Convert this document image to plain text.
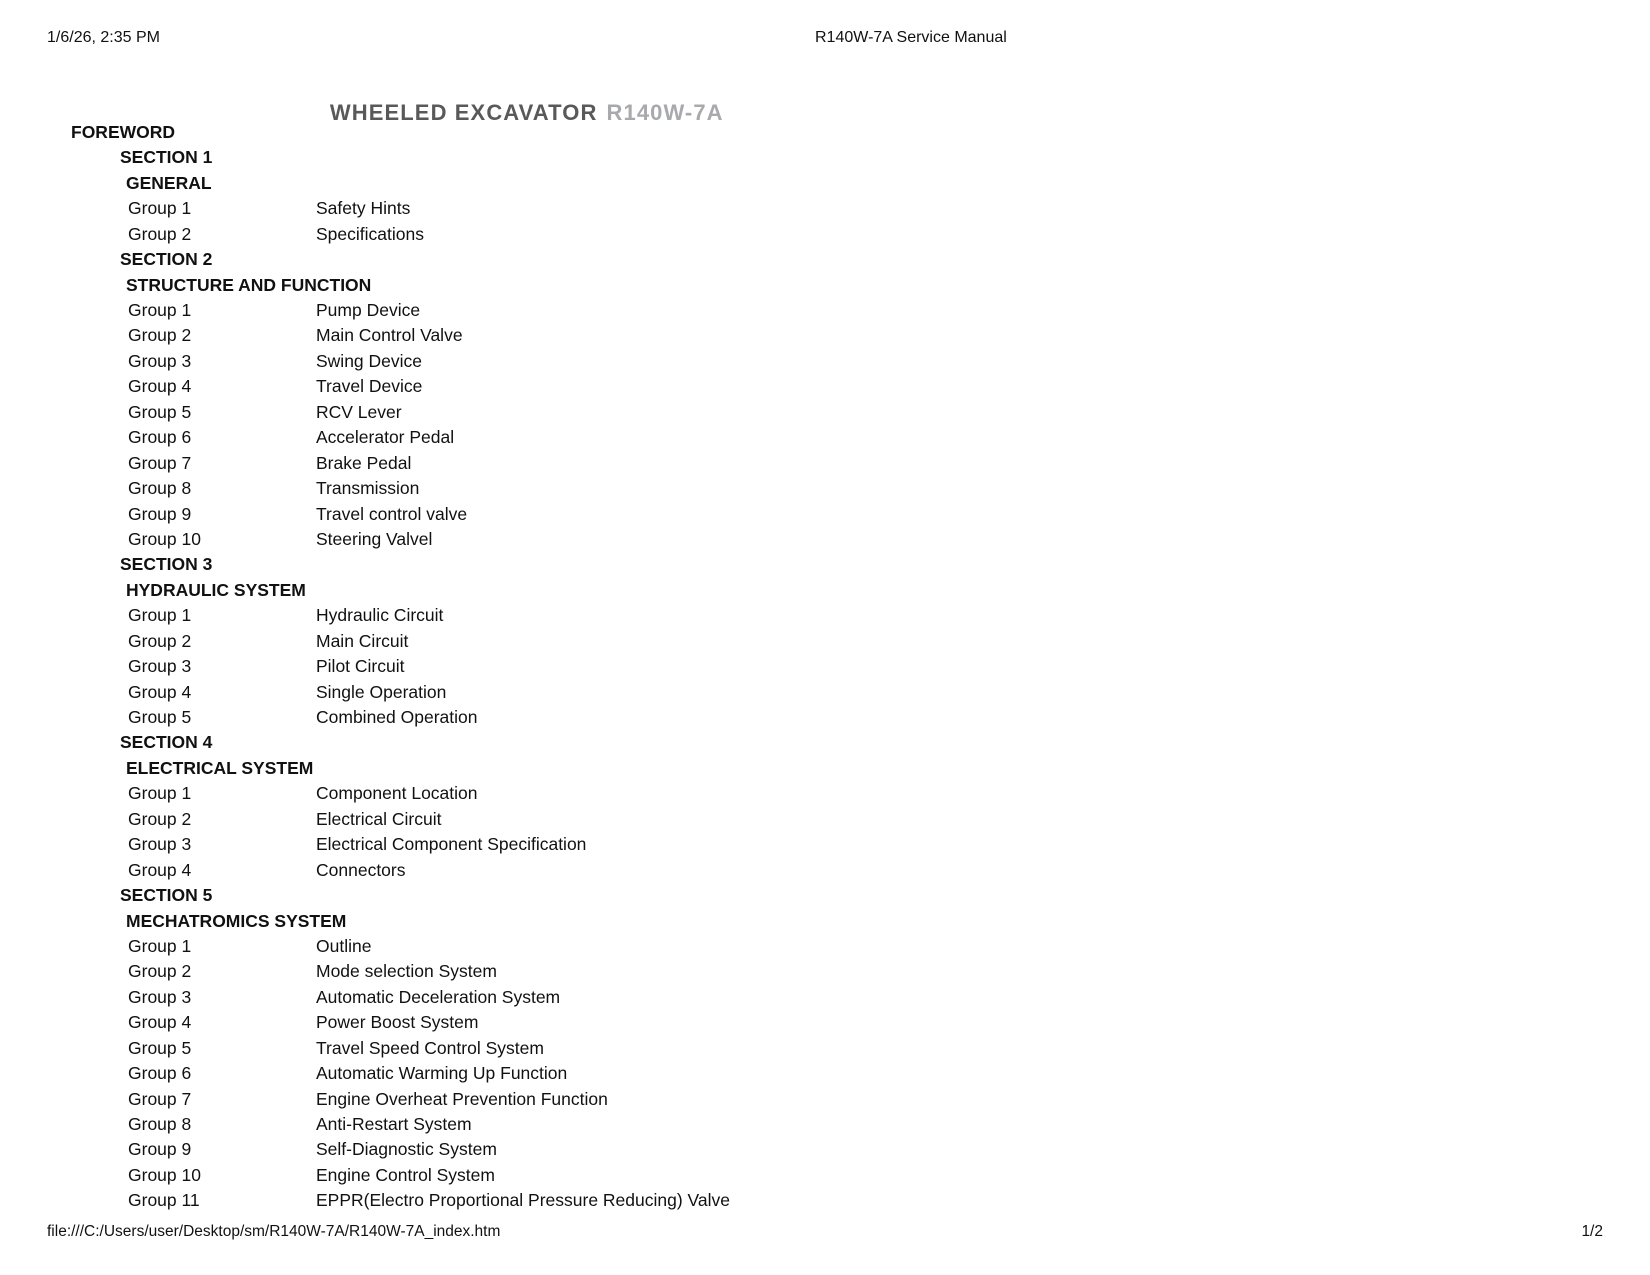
1/6/26, 2:35 PM	R140W-7A Service Manual

WHEELED EXCAVATOR R140W-7A

FOREWORD
SECTION 1
GENERAL
Group 1	Safety Hints
Group 2	Specifications
SECTION 2
STRUCTURE AND FUNCTION
Group 1	Pump Device
Group 2	Main Control Valve
Group 3	Swing Device
Group 4	Travel Device
Group 5	RCV Lever
Group 6	Accelerator Pedal
Group 7	Brake Pedal
Group 8	Transmission
Group 9	Travel control valve
Group 10	Steering Valvel
SECTION 3
HYDRAULIC SYSTEM
Group 1	Hydraulic Circuit
Group 2	Main Circuit
Group 3	Pilot Circuit
Group 4	Single Operation
Group 5	Combined Operation
SECTION 4
ELECTRICAL SYSTEM
Group 1	Component Location
Group 2	Electrical Circuit
Group 3	Electrical Component Specification
Group 4	Connectors
SECTION 5
MECHATROMICS SYSTEM
Group 1	Outline
Group 2	Mode selection System
Group 3	Automatic Deceleration System
Group 4	Power Boost System
Group 5	Travel Speed Control System
Group 6	Automatic Warming Up Function
Group 7	Engine Overheat Prevention Function
Group 8	Anti-Restart System
Group 9	Self-Diagnostic System
Group 10	Engine Control System
Group 11	EPPR(Electro Proportional Pressure Reducing) Valve
file:///C:/Users/user/Desktop/sm/R140W-7A/R140W-7A_index.htm	1/2
